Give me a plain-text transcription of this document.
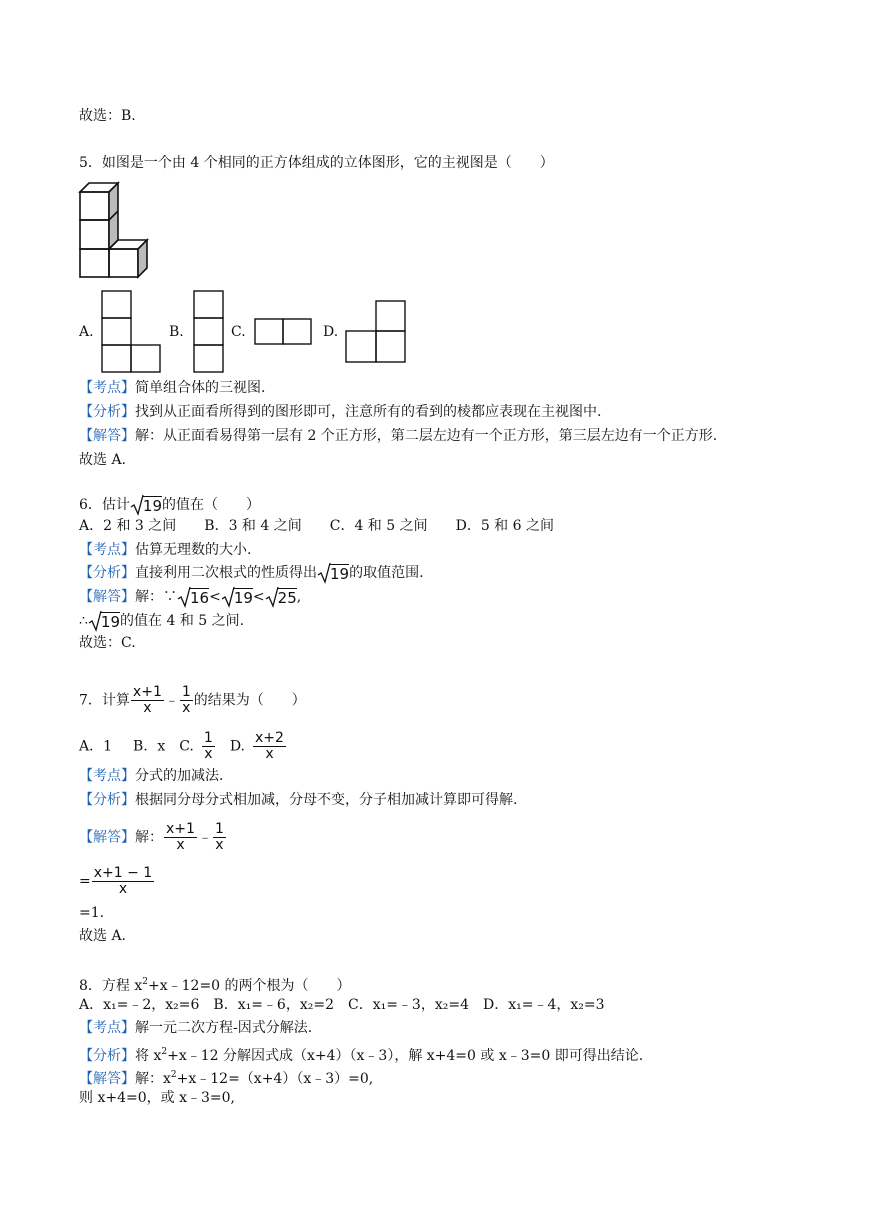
故选：B.
5．如图是一个由 4 个相同的正方体组成的立体图形，它的主视图是（　　）
A.	B.	C.	D.
【考点】简单组合体的三视图.
【分析】找到从正面看所得到的图形即可，注意所有的看到的棱都应表现在主视图中.
【解答】解：从正面看易得第一层有 2 个正方形，第二层左边有一个正方形，第三层左边有一个正方形.
故选 A.
6．估计 19的值在（　　）
A．2 和 3 之间　　B．3 和 4 之间　　C．4 和 5 之间　　D．5 和 6 之间
【考点】估算无理数的大小.
【分析】直接利用二次根式的性质得出 19的取值范围.
【解答】解：∵ 16< 19< 25,
∴ 19的值在 4 和 5 之间.
故选：C.
7．计算 $\frac{x+1}{x}$ ﹣ $\frac{1}{x}$ 的结果为（　　）
A．1　  B．x　 C.  $\frac{1}{x}$
　 D.  $\frac{x+2}{x}$
【考点】分式的加减法.
【分析】根据同分母分式相加减，分母不变，分子相加减计算即可得解.
【解答】解： $\frac{x+1}{x}$ ﹣ $\frac{1}{x}$
= $\frac{x+1 - 1}{x}$
=1.
故选 A.
8．方程 $x^2+x﹣12=0$ 的两个根为（　　）
A．x₁=﹣2，x₂=6　B．x₁=﹣6，x₂=2　C．x₁=﹣3，x₂=4　D．x₁=﹣4，x₂=3
【考点】解一元二次方程-因式分解法.
【分析】将 $x^2+x﹣12$ 分解因式成（x+4）（x﹣3），解 x+4=0 或 x﹣3=0 即可得出结论.
【解答】解：$x^2+x﹣12=(x+4)(x﹣3)=0$,
则 x+4=0，或 x﹣3=0,
